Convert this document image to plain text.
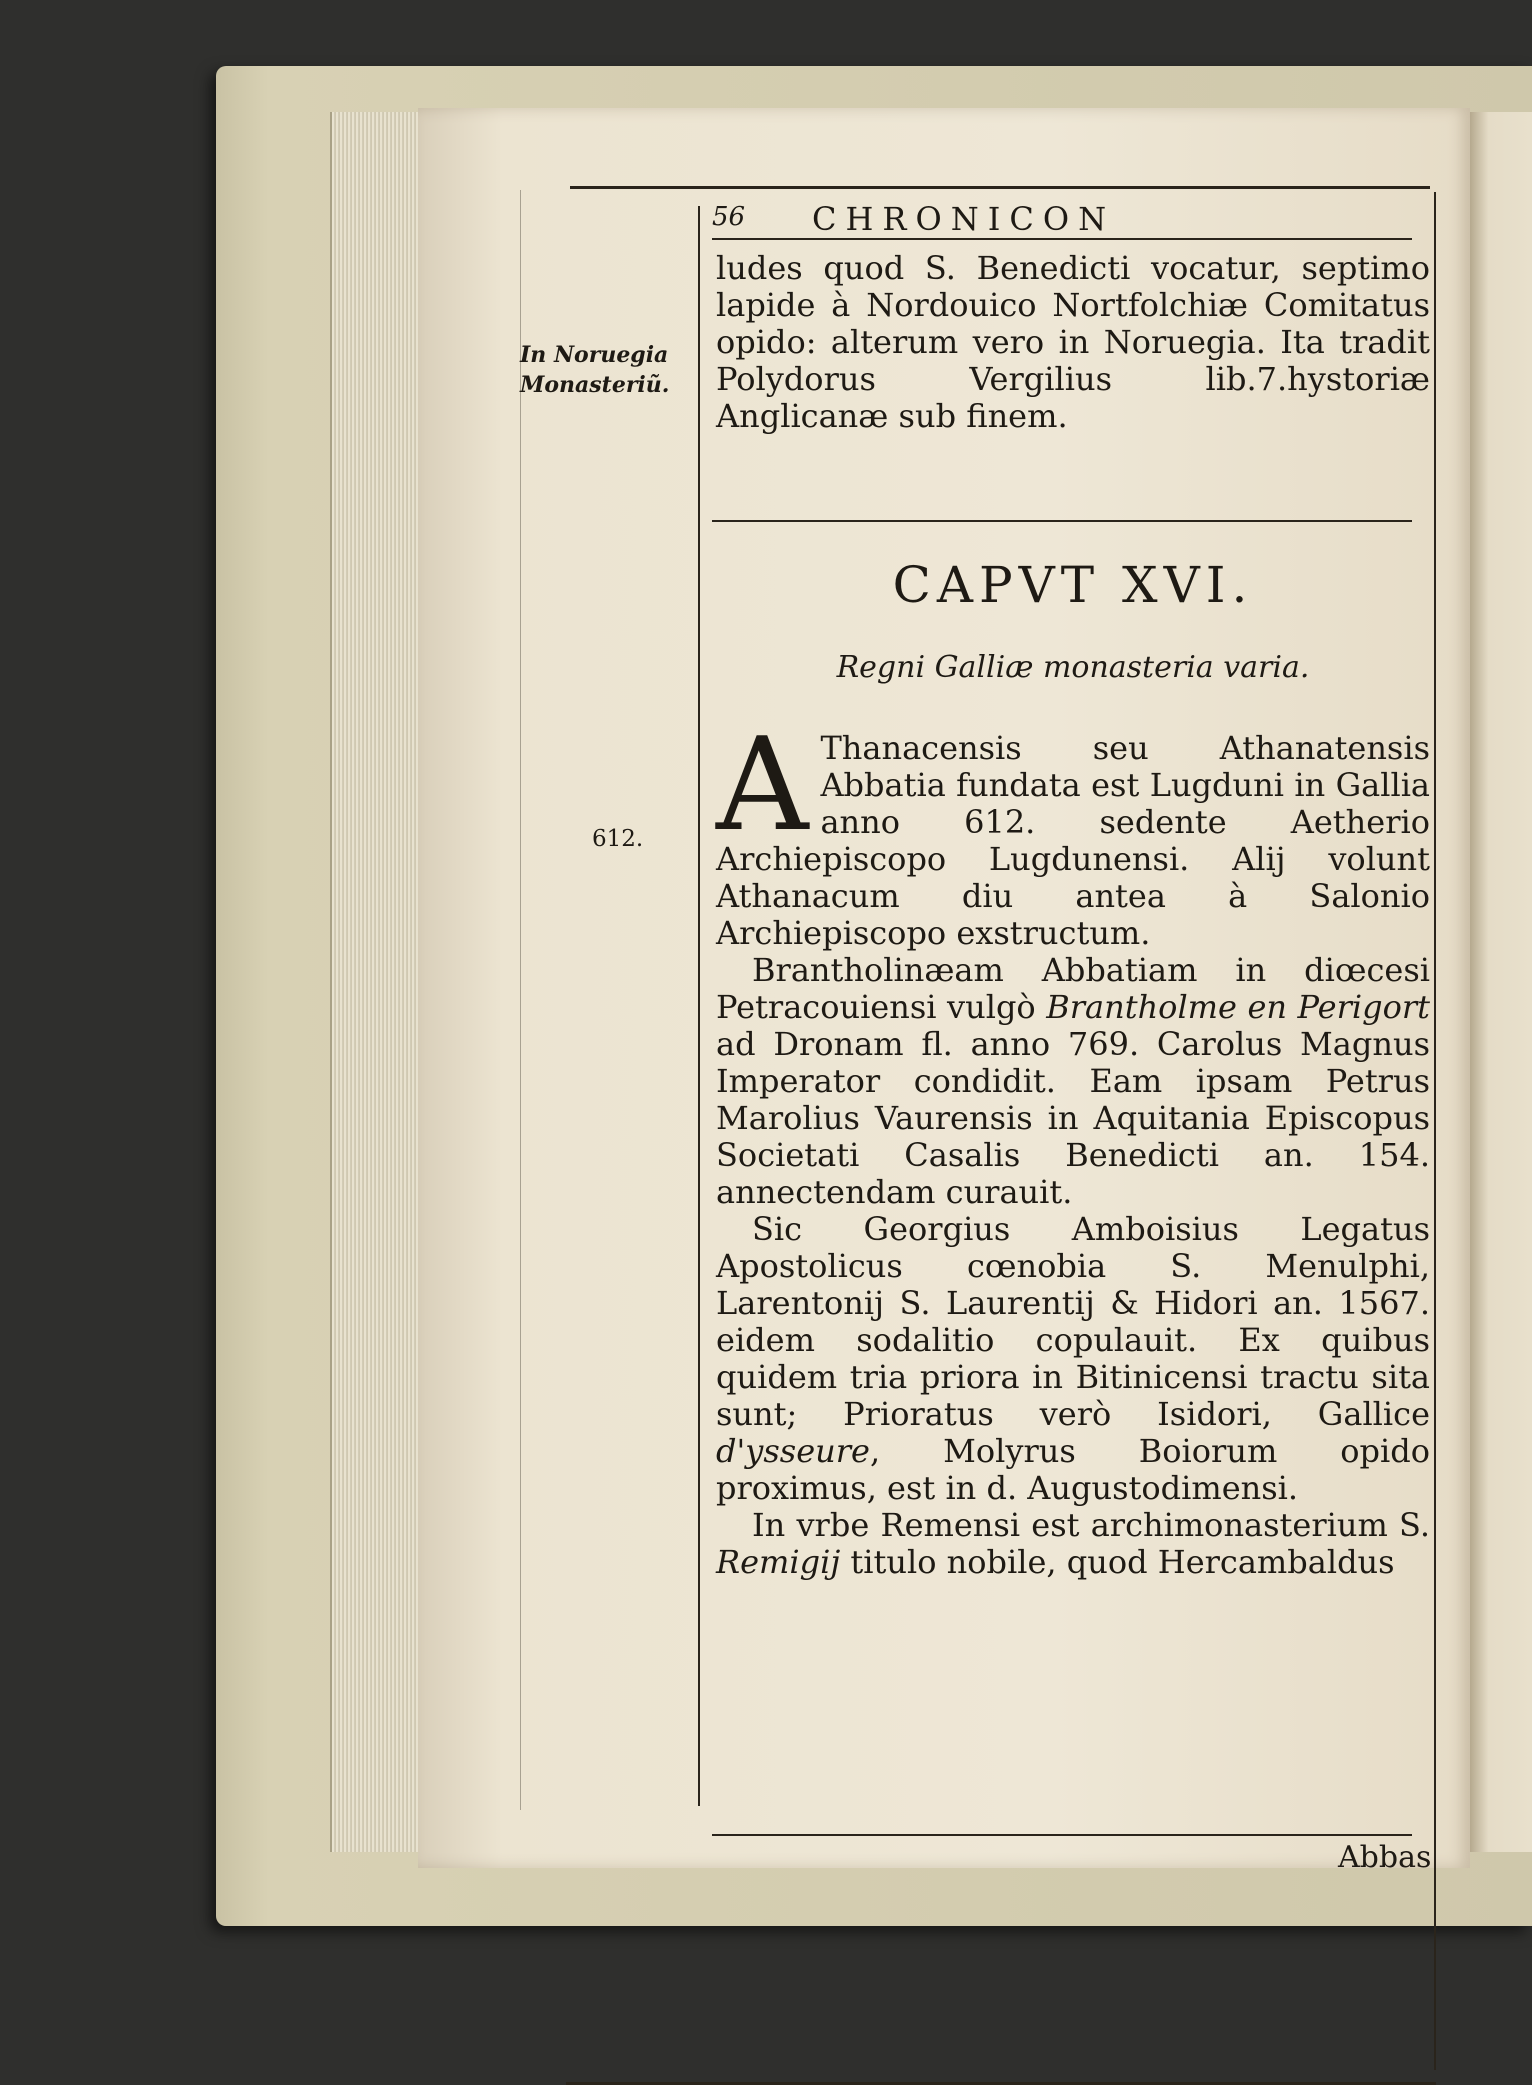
56 CHRONICON
In Noruegia
Monasteriũ.
612.

ludes quod S. Benedicti vocatur, septimo lapide à Nordouico Nortfolchiæ Comitatus opido: alterum vero in Noruegia. Ita tradit Polydorus Vergilius lib.7.hystoriæ Anglicanæ sub finem.

CAPVT XVI.
Regni Galliæ monasteria varia.

A Thanacensis seu Athanatensis Abbatia fundata est Lugduni in Gallia anno 612. sedente Aetherio Archiepiscopo Lugdunensi. Alij volunt Athanacum diu antea à Salonio Archiepiscopo exstructum.

Brantholinæam Abbatiam in diœcesi Petracouiensi vulgò Brantholme en Perigort ad Dronam fl. anno 769. Carolus Magnus Imperator condidit. Eam ipsam Petrus Marolius Vaurensis in Aquitania Episcopus Societati Casalis Benedicti an. 154. annectendam curauit.

Sic Georgius Amboisius Legatus Apostolicus cœnobia S. Menulphi, Larentonij S. Laurentij & Hidori an. 1567. eidem sodalitio copulauit. Ex quibus quidem tria priora in Bitinicensi tractu sita sunt; Prioratus verò Isidori, Gallice d'ysseure, Molyrus Boiorum opido proximus, est in d. Augustodimensi.

In vrbe Remensi est archimonasterium S. Remigij titulo nobile, quod Hercambaldus

Abbas
